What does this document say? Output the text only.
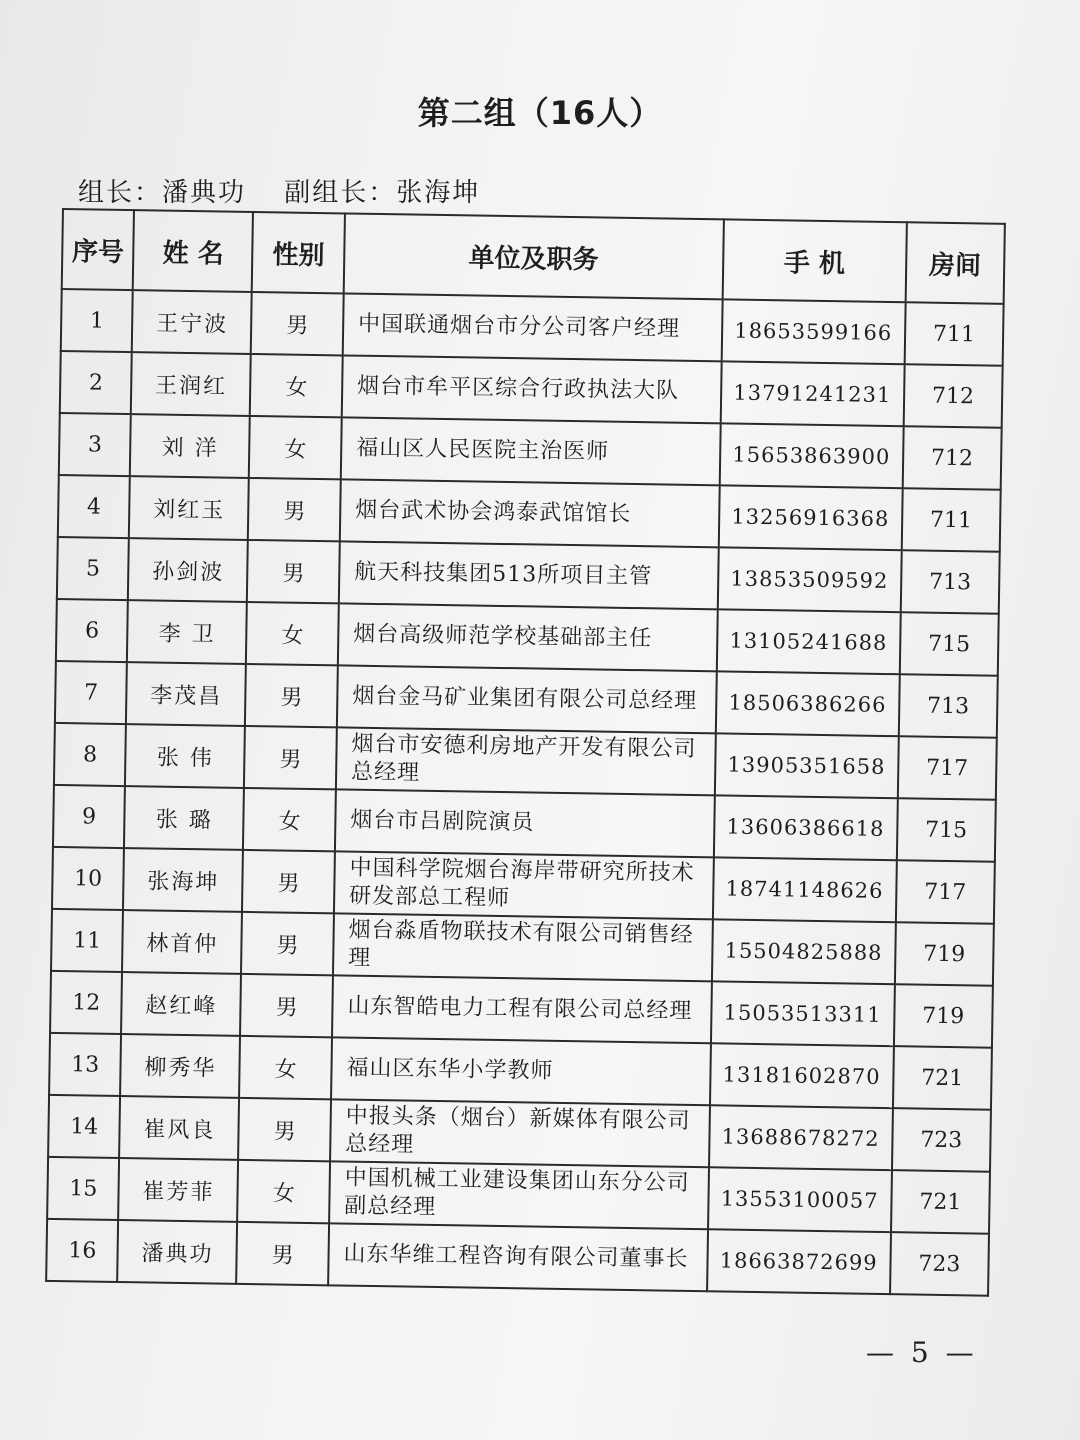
第二组（16人）
组长：潘典功 副组长：张海坤
序号	姓 名	性别	单位及职务	手 机	房间
1	王宁波	男	中国联通烟台市分公司客户经理	18653599166	711
2	王润红	女	烟台市牟平区综合行政执法大队	13791241231	712
3	刘 洋	女	福山区人民医院主治医师	15653863900	712
4	刘红玉	男	烟台武术协会鸿泰武馆馆长	13256916368	711
5	孙剑波	男	航天科技集团513所项目主管	13853509592	713
6	李 卫	女	烟台高级师范学校基础部主任	13105241688	715
7	李茂昌	男	烟台金马矿业集团有限公司总经理	18506386266	713
8	张 伟	男	烟台市安德利房地产开发有限公司总经理	13905351658	717
9	张 璐	女	烟台市吕剧院演员	13606386618	715
10	张海坤	男	中国科学院烟台海岸带研究所技术研发部总工程师	18741148626	717
11	林首仲	男	烟台淼盾物联技术有限公司销售经理	15504825888	719
12	赵红峰	男	山东智皓电力工程有限公司总经理	15053513311	719
13	柳秀华	女	福山区东华小学教师	13181602870	721
14	崔风良	男	中报头条（烟台）新媒体有限公司总经理	13688678272	723
15	崔芳菲	女	中国机械工业建设集团山东分公司副总经理	13553100057	721
16	潘典功	男	山东华维工程咨询有限公司董事长	18663872699	723
— 5 —
